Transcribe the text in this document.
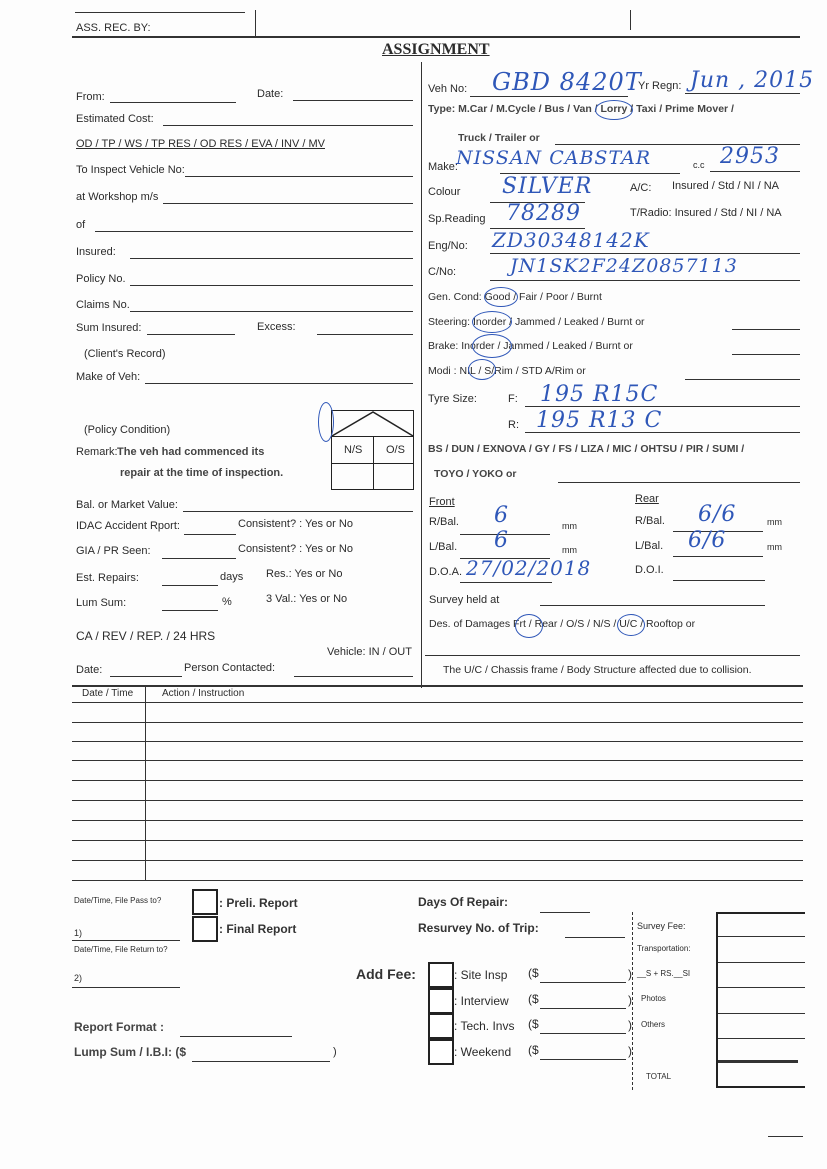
ASS. REC. BY:
ASSIGNMENT
From:	Date:
Estimated Cost:
OD / TP / WS / TP RES / OD RES / EVA / INV / MV
To Inspect Vehicle No:
at Workshop m/s
of
Insured:
Policy No.
Claims No.
Sum Insured:	Excess:
(Client's Record)
Make of Veh:
(Policy Condition)
Remark: The veh had commenced its
repair at the time of inspection.
N/S O/S
Bal. or Market Value:
IDAC Accident Rport:	Consistent? : Yes or No
GIA / PR Seen:	Consistent? : Yes or No
Est. Repairs:	days Res.: Yes or No
Lum Sum:	%	3 Val.: Yes or No
CA / REV / REP. / 24 HRS
Vehicle: IN / OUT
Date:	Person Contacted:
Veh No: GBD 8420T
Yr Regn: Jun , 2015
Type: M.Car / M.Cycle / Bus / Van / Lorry / Taxi / Prime Mover /
Truck / Trailer or
Make:
NISSAN CABSTAR	c.c 2953
Colour SILVER	A/C: Insured / Std / NI / NA
Sp.Reading 78289	T/Radio: Insured / Std / NI / NA
Eng/No: ZD30348142K
C/No:	JN1SK2F24Z0857113
Gen. Cond: Good / Fair / Poor / Burnt
Steering: Inorder / Jammed / Leaked / Burnt or
Brake: Inorder / Jammed / Leaked / Burnt or
Modi : NIL / S/Rim / STD A/Rim or
Tyre Size:	F: 195 R15C
R: 195 R13 C
BS / DUN / EXNOVA / GY / FS / LIZA / MIC / OHTSU / PIR / SUMI /
TOYO / YOKO or
Front	Rear
R/Bal. 6	mm	R/Bal. 6/6	mm
L/Bal. 6	mm	L/Bal. 6/6	mm
D.O.A. 27/02/2018	D.O.I.
Survey held at
Des. of Damages Frt / Rear / O/S / N/S / U/C / Rooftop or
The U/C / Chassis frame / Body Structure affected due to collision.
Date / Time	Action / Instruction
Date/Time, File Pass to?	: Preli. Report
1)	: Final Report
Date/Time, File Return to?
2)
Report Format :
Lump Sum / I.B.I: ($	)
Days Of Repair:
Resurvey No. of Trip:
Add Fee:	: Site Insp ($	)
: Interview ($	)
: Tech. Invs ($	)
: Weekend ($	)
Survey Fee:
Transportation:
__S + RS.__SI
Photos
Others
TOTAL
